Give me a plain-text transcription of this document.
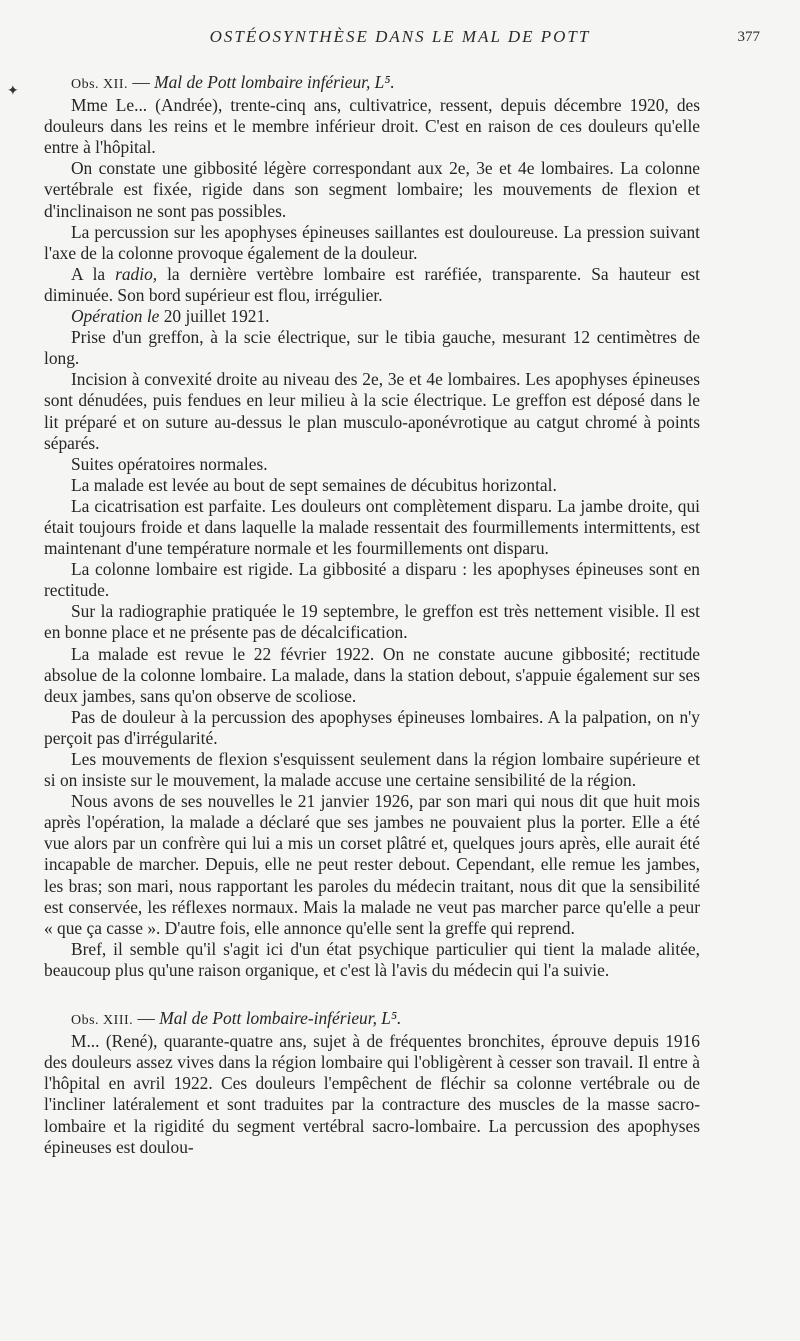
OSTÉOSYNTHÈSE DANS LE MAL DE POTT	377
✦	Obs. XII. — Mal de Pott lombaire inférieur, L⁵.

Mme Le... (Andrée), trente-cinq ans, cultivatrice, ressent, depuis décembre 1920, des douleurs dans les reins et le membre inférieur droit. C'est en raison de ces douleurs qu'elle entre à l'hôpital.

On constate une gibbosité légère correspondant aux 2e, 3e et 4e lombaires. La colonne vertébrale est fixée, rigide dans son segment lombaire; les mouvements de flexion et d'inclinaison ne sont pas possibles.

La percussion sur les apophyses épineuses saillantes est douloureuse. La pression suivant l'axe de la colonne provoque également de la douleur.

A la radio, la dernière vertèbre lombaire est raréfiée, transparente. Sa hauteur est diminuée. Son bord supérieur est flou, irrégulier.

Opération le 20 juillet 1921.

Prise d'un greffon, à la scie électrique, sur le tibia gauche, mesurant 12 centimètres de long.

Incision à convexité droite au niveau des 2e, 3e et 4e lombaires. Les apophyses épineuses sont dénudées, puis fendues en leur milieu à la scie électrique. Le greffon est déposé dans le lit préparé et on suture au-dessus le plan musculo-aponévrotique au catgut chromé à points séparés.

Suites opératoires normales.

La malade est levée au bout de sept semaines de décubitus horizontal.

La cicatrisation est parfaite. Les douleurs ont complètement disparu. La jambe droite, qui était toujours froide et dans laquelle la malade ressentait des fourmillements intermittents, est maintenant d'une température normale et les fourmillements ont disparu.

La colonne lombaire est rigide. La gibbosité a disparu : les apophyses épineuses sont en rectitude.

Sur la radiographie pratiquée le 19 septembre, le greffon est très nettement visible. Il est en bonne place et ne présente pas de décalcification.

La malade est revue le 22 février 1922. On ne constate aucune gibbosité; rectitude absolue de la colonne lombaire. La malade, dans la station debout, s'appuie également sur ses deux jambes, sans qu'on observe de scoliose.

Pas de douleur à la percussion des apophyses épineuses lombaires. A la palpation, on n'y perçoit pas d'irrégularité.

Les mouvements de flexion s'esquissent seulement dans la région lombaire supérieure et si on insiste sur le mouvement, la malade accuse une certaine sensibilité de la région.

Nous avons de ses nouvelles le 21 janvier 1926, par son mari qui nous dit que huit mois après l'opération, la malade a déclaré que ses jambes ne pouvaient plus la porter. Elle a été vue alors par un confrère qui lui a mis un corset plâtré et, quelques jours après, elle aurait été incapable de marcher. Depuis, elle ne peut rester debout. Cependant, elle remue les jambes, les bras; son mari, nous rapportant les paroles du médecin traitant, nous dit que la sensibilité est conservée, les réflexes normaux. Mais la malade ne veut pas marcher parce qu'elle a peur « que ça casse ». D'autre fois, elle annonce qu'elle sent la greffe qui reprend.

Bref, il semble qu'il s'agit ici d'un état psychique particulier qui tient la malade alitée, beaucoup plus qu'une raison organique, et c'est là l'avis du médecin qui l'a suivie.

Obs. XIII. — Mal de Pott lombaire-inférieur, L⁵.

M... (René), quarante-quatre ans, sujet à de fréquentes bronchites, éprouve depuis 1916 des douleurs assez vives dans la région lombaire qui l'obligèrent à cesser son travail. Il entre à l'hôpital en avril 1922. Ces douleurs l'empêchent de fléchir sa colonne vertébrale ou de l'incliner latéralement et sont traduites par la contracture des muscles de la masse sacro-lombaire et la rigidité du segment vertébral sacro-lombaire. La percussion des apophyses épineuses est doulou-
